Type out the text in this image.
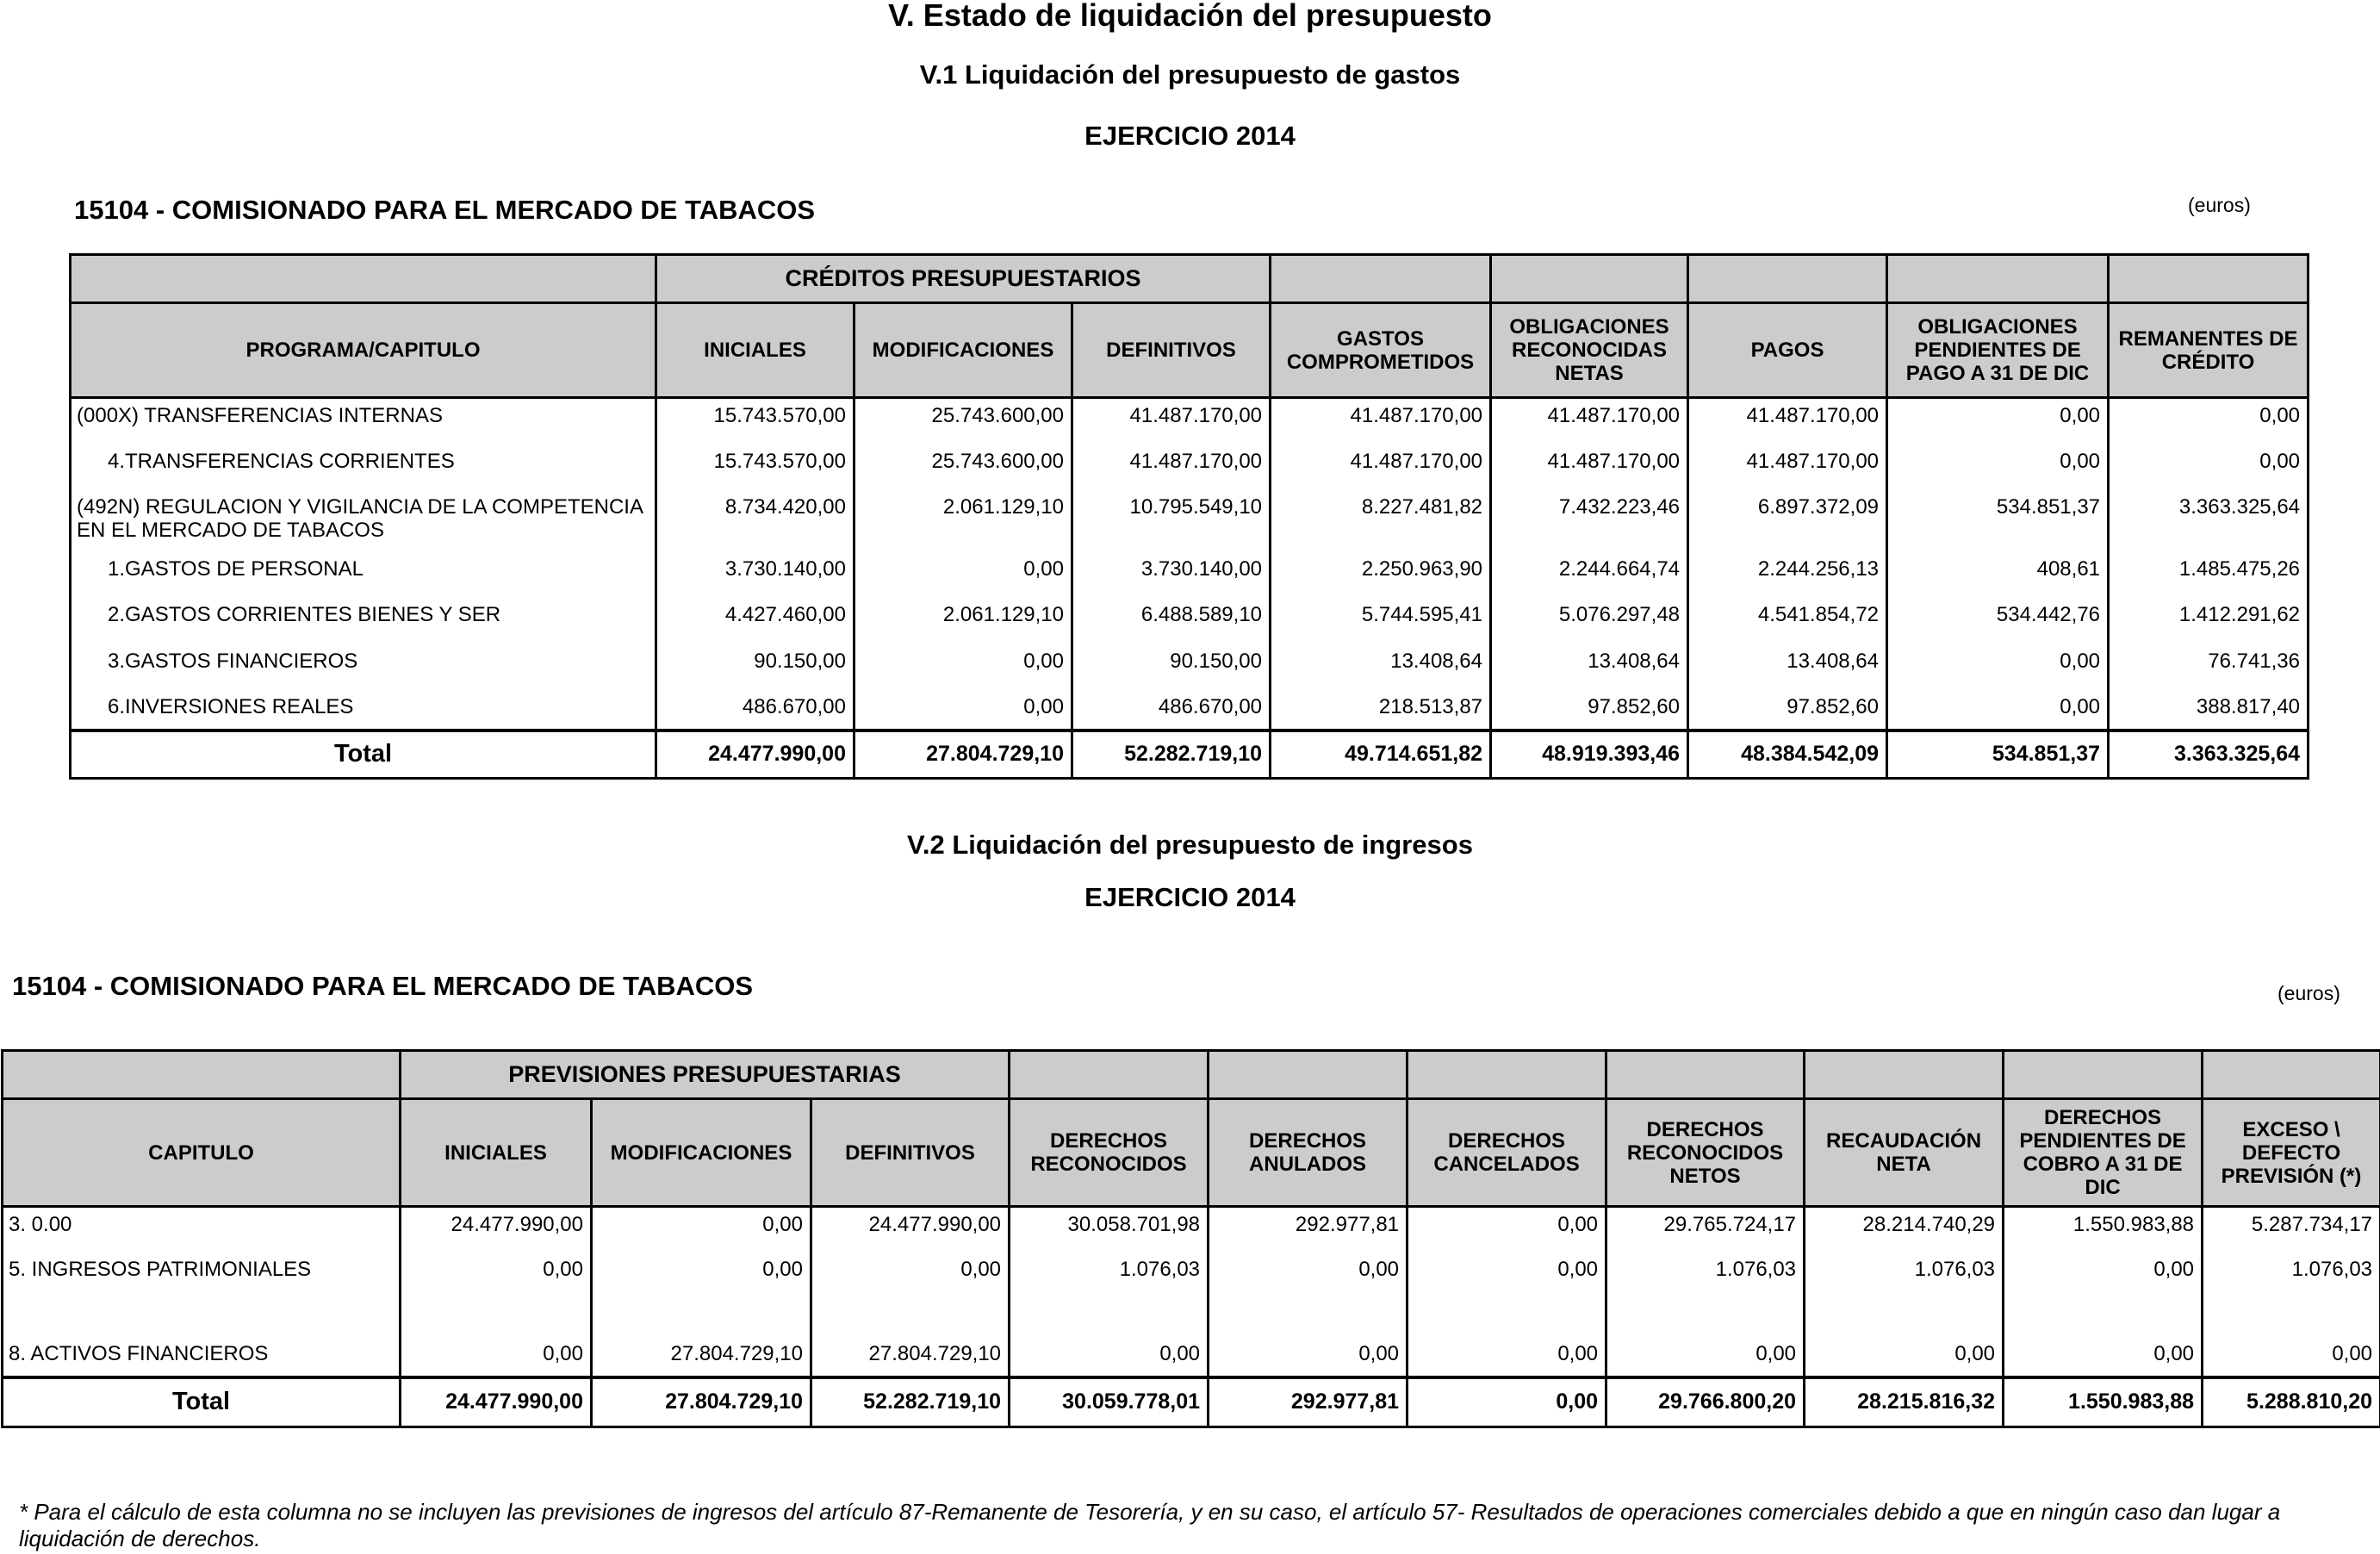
V. Estado de liquidación del presupuesto
V.1 Liquidación del presupuesto de gastos
EJERCICIO 2014
15104 - COMISIONADO PARA EL MERCADO DE TABACOS	(euros)
	CRÉDITOS PRESUPUESTARIOS							
PROGRAMA/CAPITULO	INICIALES	MODIFICACIONES	DEFINITIVOS	GASTOS COMPROMETIDOS	OBLIGACIONES RECONOCIDAS NETAS	PAGOS	OBLIGACIONES PENDIENTES DE PAGO A 31 DE DIC	REMANENTES DE CRÉDITO
(000X) TRANSFERENCIAS INTERNAS	15.743.570,00	25.743.600,00	41.487.170,00	41.487.170,00	41.487.170,00	41.487.170,00	0,00	0,00
4.TRANSFERENCIAS CORRIENTES	15.743.570,00	25.743.600,00	41.487.170,00	41.487.170,00	41.487.170,00	41.487.170,00	0,00	0,00
(492N) REGULACION Y VIGILANCIA DE LA COMPETENCIA EN EL MERCADO DE TABACOS	8.734.420,00	2.061.129,10	10.795.549,10	8.227.481,82	7.432.223,46	6.897.372,09	534.851,37	3.363.325,64
1.GASTOS DE PERSONAL	3.730.140,00	0,00	3.730.140,00	2.250.963,90	2.244.664,74	2.244.256,13	408,61	1.485.475,26
2.GASTOS CORRIENTES BIENES Y SER	4.427.460,00	2.061.129,10	6.488.589,10	5.744.595,41	5.076.297,48	4.541.854,72	534.442,76	1.412.291,62
3.GASTOS FINANCIEROS	90.150,00	0,00	90.150,00	13.408,64	13.408,64	13.408,64	0,00	76.741,36
6.INVERSIONES REALES	486.670,00	0,00	486.670,00	218.513,87	97.852,60	97.852,60	0,00	388.817,40
Total	24.477.990,00	27.804.729,10	52.282.719,10	49.714.651,82	48.919.393,46	48.384.542,09	534.851,37	3.363.325,64
V.2 Liquidación del presupuesto de ingresos
EJERCICIO 2014
15104 - COMISIONADO PARA EL MERCADO DE TABACOS	(euros)
	PREVISIONES PRESUPUESTARIAS									
CAPITULO	INICIALES	MODIFICACIONES	DEFINITIVOS	DERECHOS RECONOCIDOS	DERECHOS ANULADOS	DERECHOS CANCELADOS	DERECHOS RECONOCIDOS NETOS	RECAUDACIÓN NETA	DERECHOS PENDIENTES DE COBRO A 31 DE DIC	EXCESO \ DEFECTO PREVISIÓN (*)
3. 0.00	24.477.990,00	0,00	24.477.990,00	30.058.701,98	292.977,81	0,00	29.765.724,17	28.214.740,29	1.550.983,88	5.287.734,17
5. INGRESOS PATRIMONIALES	0,00	0,00	0,00	1.076,03	0,00	0,00	1.076,03	1.076,03	0,00	1.076,03
8. ACTIVOS FINANCIEROS	0,00	27.804.729,10	27.804.729,10	0,00	0,00	0,00	0,00	0,00	0,00	0,00
Total	24.477.990,00	27.804.729,10	52.282.719,10	30.059.778,01	292.977,81	0,00	29.766.800,20	28.215.816,32	1.550.983,88	5.288.810,20
* Para el cálculo de esta columna no se incluyen las previsiones de ingresos del artículo 87-Remanente de Tesorería, y en su caso, el artículo 57- Resultados de operaciones comerciales debido a que en ningún caso dan lugar a liquidación de derechos.
